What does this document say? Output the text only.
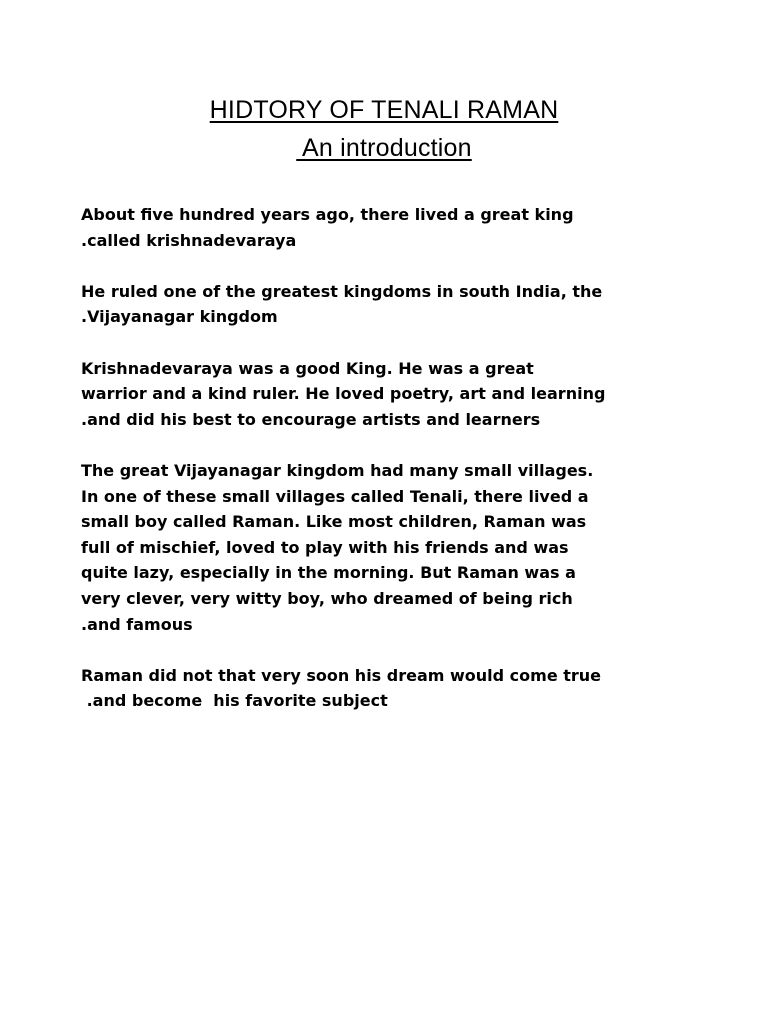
HIDTORY OF TENALI RAMAN
An introduction

About five hundred years ago, there lived a great king
.called krishnadevaraya

He ruled one of the greatest kingdoms in south India, the
.Vijayanagar kingdom

Krishnadevaraya was a good King. He was a great
warrior and a kind ruler. He loved poetry, art and learning
.and did his best to encourage artists and learners

The great Vijayanagar kingdom had many small villages.
In one of these small villages called Tenali, there lived a
small boy called Raman. Like most children, Raman was
full of mischief, loved to play with his friends and was
quite lazy, especially in the morning. But Raman was a
very clever, very witty boy, who dreamed of being rich
.and famous

Raman did not that very soon his dream would come true
.and become  his favorite subject
